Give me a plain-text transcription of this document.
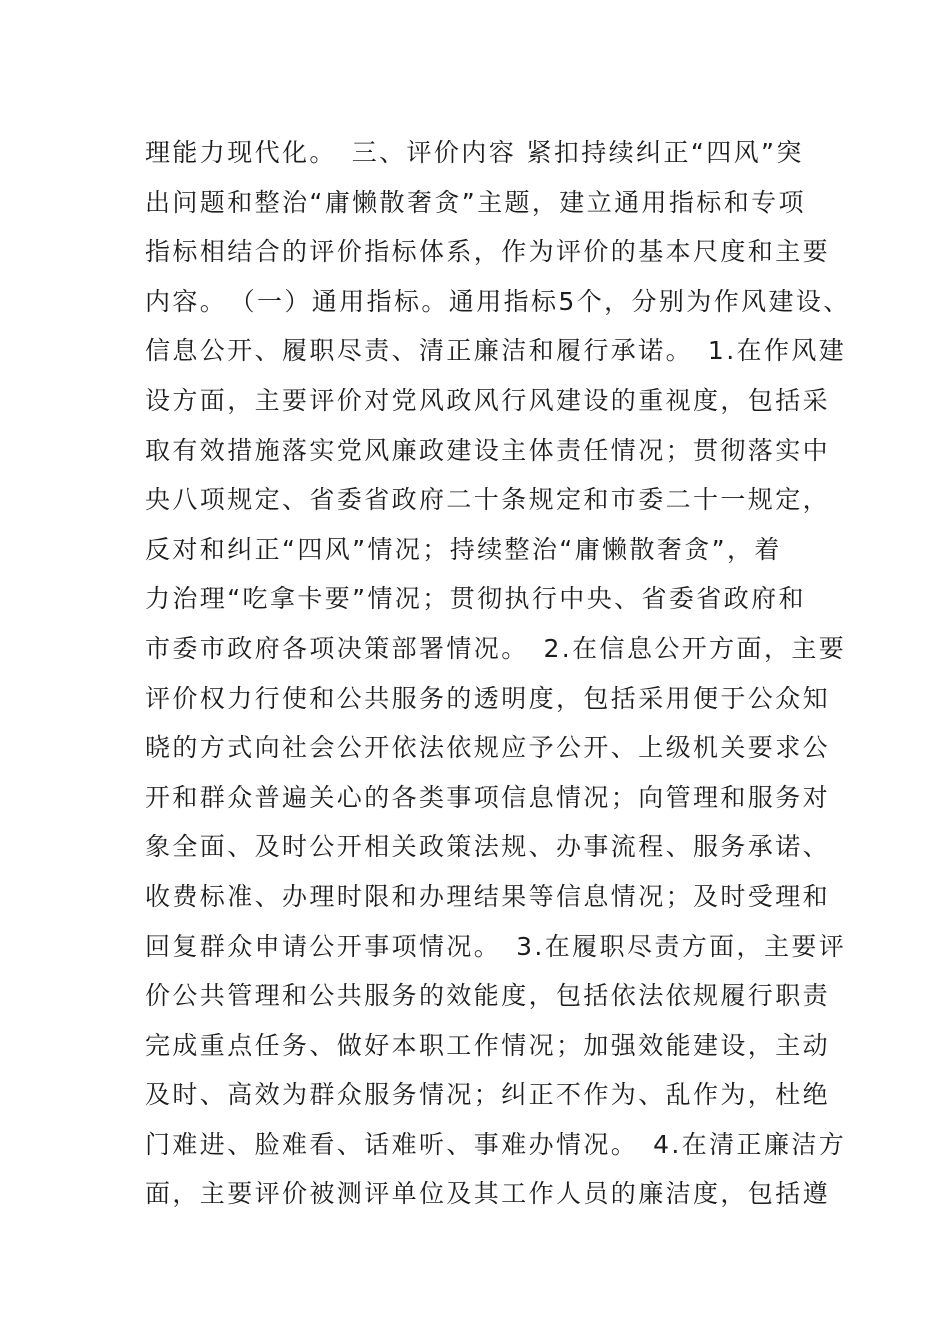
理能力现代化。　三、评价内容 紧扣持续纠正“四风”突
出问题和整治“庸懒散奢贪”主题，建立通用指标和专项
指标相结合的评价指标体系，作为评价的基本尺度和主要
内容。　（一）通用指标。通用指标5个，分别为作风建设、
信息公开、履职尽责、清正廉洁和履行承诺。　1.在作风建
设方面，主要评价对党风政风行风建设的重视度，包括采
取有效措施落实党风廉政建设主体责任情况；贯彻落实中
央八项规定、省委省政府二十条规定和市委二十一规定，
反对和纠正“四风”情况；持续整治“庸懒散奢贪”，着
力治理“吃拿卡要”情况；贯彻执行中央、省委省政府和
市委市政府各项决策部署情况。　2.在信息公开方面，主要
评价权力行使和公共服务的透明度，包括采用便于公众知
晓的方式向社会公开依法依规应予公开、上级机关要求公
开和群众普遍关心的各类事项信息情况；向管理和服务对
象全面、及时公开相关政策法规、办事流程、服务承诺、
收费标准、办理时限和办理结果等信息情况；及时受理和
回复群众申请公开事项情况。　3.在履职尽责方面，主要评
价公共管理和公共服务的效能度，包括依法依规履行职责
完成重点任务、做好本职工作情况；加强效能建设，主动
及时、高效为群众服务情况；纠正不作为、乱作为，杜绝
门难进、脸难看、话难听、事难办情况。　4.在清正廉洁方
面，主要评价被测评单位及其工作人员的廉洁度，包括遵
